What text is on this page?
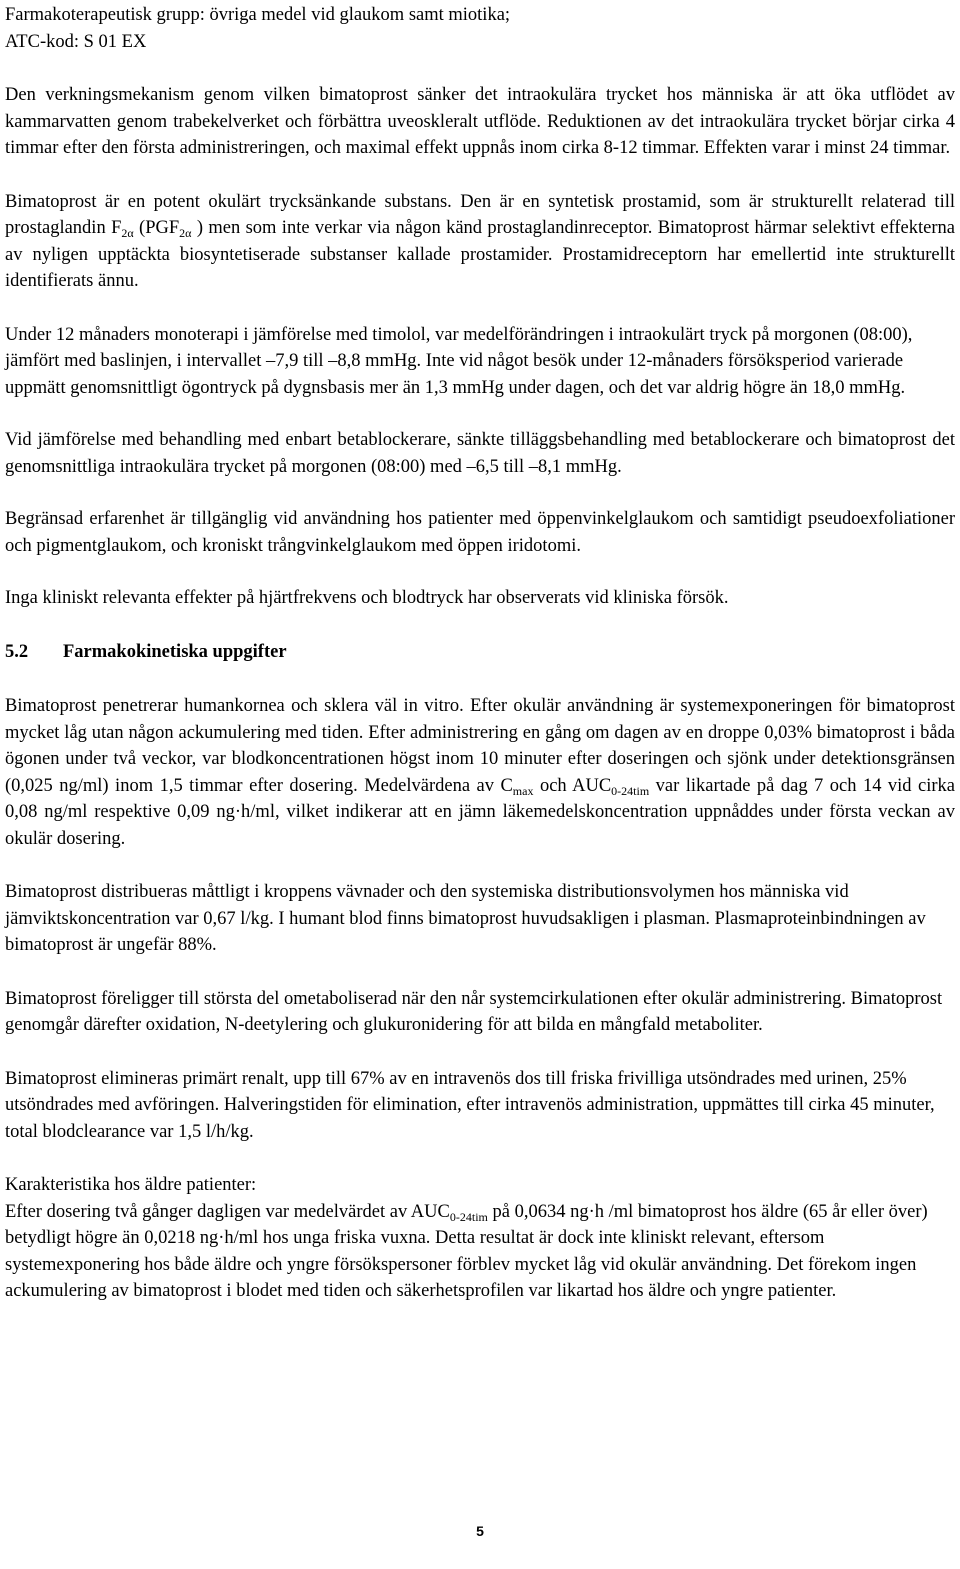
Farmakoterapeutisk grupp: övriga medel vid glaukom samt miotika;

ATC-kod: S 01 EX

Den verkningsmekanism genom vilken bimatoprost sänker det intraokulära trycket hos människa är att öka utflödet av kammarvatten genom trabekelverket och förbättra uveoskleralt utflöde. Reduktionen av det intraokulära trycket börjar cirka 4 timmar efter den första administreringen, och maximal effekt uppnås inom cirka 8-12 timmar. Effekten varar i minst 24 timmar.

Bimatoprost är en potent okulärt trycksänkande substans. Den är en syntetisk prostamid, som är strukturellt relaterad till prostaglandin $F_{2\alpha}$ ($PGF_{2\alpha}$ ) men som inte verkar via någon känd prostaglandinreceptor. Bimatoprost härmar selektivt effekterna av nyligen upptäckta biosyntetiserade substanser kallade prostamider. Prostamidreceptorn har emellertid inte strukturellt identifierats ännu.

Under 12 månaders monoterapi i jämförelse med timolol, var medelförändringen i intraokulärt tryck på morgonen (08:00), jämfört med baslinjen, i intervallet –7,9 till –8,8 mmHg. Inte vid något besök under 12-månaders försöksperiod varierade uppmätt genomsnittligt ögontryck på dygnsbasis mer än 1,3 mmHg under dagen, och det var aldrig högre än 18,0 mmHg.

Vid jämförelse med behandling med enbart betablockerare, sänkte tilläggsbehandling med betablockerare och bimatoprost det genomsnittliga intraokulära trycket på morgonen (08:00) med –6,5 till –8,1 mmHg.

Begränsad erfarenhet är tillgänglig vid användning hos patienter med öppenvinkelglaukom och samtidigt pseudoexfoliationer och pigmentglaukom, och kroniskt trångvinkelglaukom med öppen iridotomi.

Inga kliniskt relevanta effekter på hjärtfrekvens och blodtryck har observerats vid kliniska försök.

5.2	Farmakokinetiska uppgifter

Bimatoprost penetrerar humankornea och sklera väl in vitro. Efter okulär användning är systemexponeringen för bimatoprost mycket låg utan någon ackumulering med tiden. Efter administrering en gång om dagen av en droppe 0,03% bimatoprost i båda ögonen under två veckor, var blodkoncentrationen högst inom 10 minuter efter doseringen och sjönk under detektionsgränsen (0,025 ng/ml) inom 1,5 timmar efter dosering. Medelvärdena av $C_{max}$ och $AUC_{0-24tim}$ var likartade på dag 7 och 14 vid cirka 0,08 ng/ml respektive 0,09 ng·h/ml, vilket indikerar att en jämn läkemedelskoncentration uppnåddes under första veckan av okulär dosering.

Bimatoprost distribueras måttligt i kroppens vävnader och den systemiska distributionsvolymen hos människa vid jämviktskoncentration var 0,67 l/kg. I humant blod finns bimatoprost huvudsakligen i plasman. Plasmaproteinbindningen av bimatoprost är ungefär 88%.

Bimatoprost föreligger till största del ometaboliserad när den når systemcirkulationen efter okulär administrering. Bimatoprost genomgår därefter oxidation, N-deetylering och glukuronidering för att bilda en mångfald metaboliter.

Bimatoprost elimineras primärt renalt, upp till 67% av en intravenös dos till friska frivilliga utsöndrades med urinen, 25% utsöndrades med avföringen. Halveringstiden för elimination, efter intravenös administration, uppmättes till cirka 45 minuter, total blodclearance var 1,5 l/h/kg.

Karakteristika hos äldre patienter:

Efter dosering två gånger dagligen var medelvärdet av $AUC_{0-24tim}$ på 0,0634 ng·h /ml bimatoprost hos äldre (65 år eller över) betydligt högre än 0,0218 ng·h/ml hos unga friska vuxna. Detta resultat är dock inte kliniskt relevant, eftersom systemexponering hos både äldre och yngre försökspersoner förblev mycket låg vid okulär användning. Det förekom ingen ackumulering av bimatoprost i blodet med tiden och säkerhetsprofilen var likartad hos äldre och yngre patienter.

5
